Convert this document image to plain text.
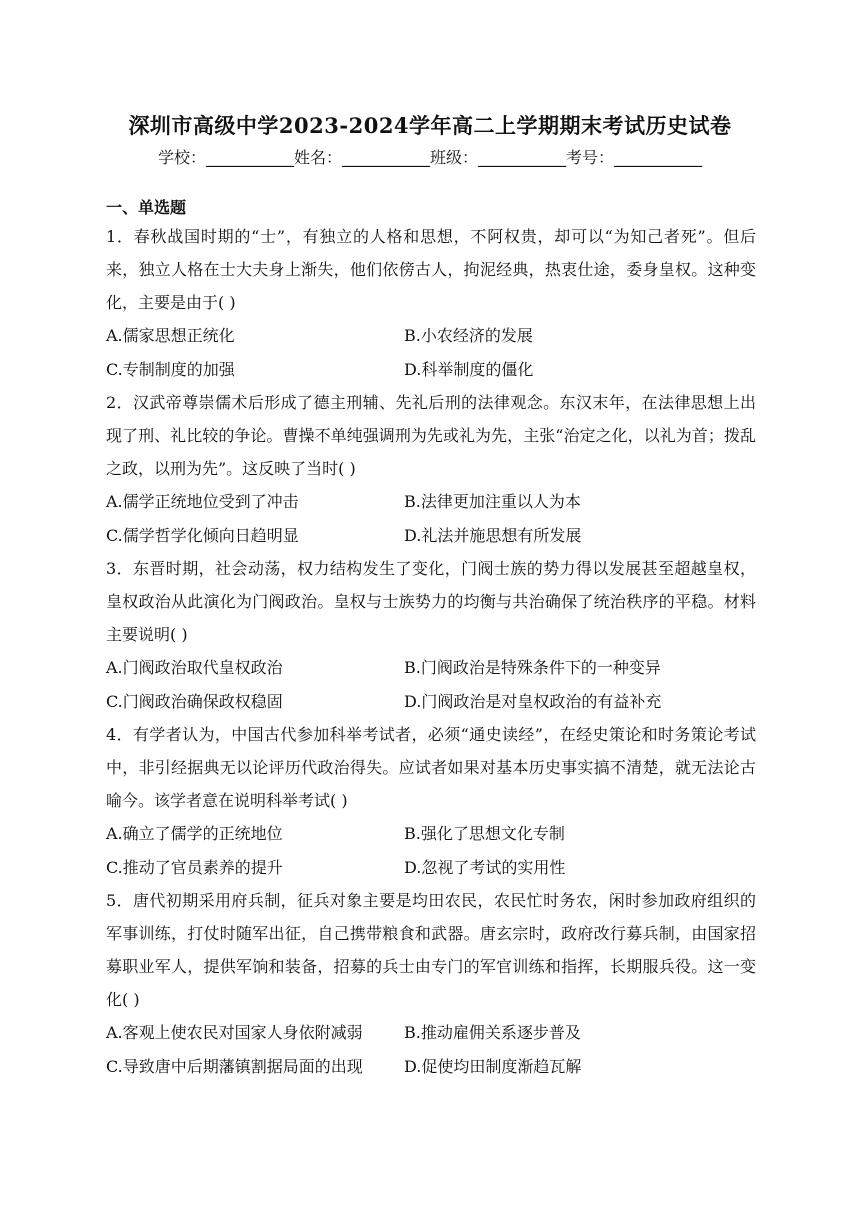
深圳市高级中学2023-2024学年高二上学期期末考试历史试卷
学校：___________姓名：___________班级：___________考号：___________
一、单选题

1．春秋战国时期的“士”，有独立的人格和思想，不阿权贵，却可以“为知己者死”。但后来，独立人格在士大夫身上渐失，他们依傍古人，拘泥经典，热衷仕途，委身皇权。这种变化，主要是由于( )

A.儒家思想正统化	B.小农经济的发展
C.专制制度的加强	D.科举制度的僵化

2．汉武帝尊崇儒术后形成了德主刑辅、先礼后刑的法律观念。东汉末年，在法律思想上出现了刑、礼比较的争论。曹操不单纯强调刑为先或礼为先，主张“治定之化，以礼为首；拨乱之政，以刑为先”。这反映了当时( )

A.儒学正统地位受到了冲击	B.法律更加注重以人为本
C.儒学哲学化倾向日趋明显	D.礼法并施思想有所发展

3．东晋时期，社会动荡，权力结构发生了变化，门阀士族的势力得以发展甚至超越皇权，皇权政治从此演化为门阀政治。皇权与士族势力的均衡与共治确保了统治秩序的平稳。材料主要说明( )

A.门阀政治取代皇权政治	B.门阀政治是特殊条件下的一种变异
C.门阀政治确保政权稳固	D.门阀政治是对皇权政治的有益补充

4．有学者认为，中国古代参加科举考试者，必须“通史读经”，在经史策论和时务策论考试中，非引经据典无以论评历代政治得失。应试者如果对基本历史事实搞不清楚，就无法论古喻今。该学者意在说明科举考试( )

A.确立了儒学的正统地位	B.强化了思想文化专制
C.推动了官员素养的提升	D.忽视了考试的实用性

5．唐代初期采用府兵制，征兵对象主要是均田农民，农民忙时务农，闲时参加政府组织的军事训练，打仗时随军出征，自己携带粮食和武器。唐玄宗时，政府改行募兵制，由国家招募职业军人，提供军饷和装备，招募的兵士由专门的军官训练和指挥，长期服兵役。这一变化( )

A.客观上使农民对国家人身依附减弱	B.推动雇佣关系逐步普及
C.导致唐中后期藩镇割据局面的出现	D.促使均田制度渐趋瓦解
